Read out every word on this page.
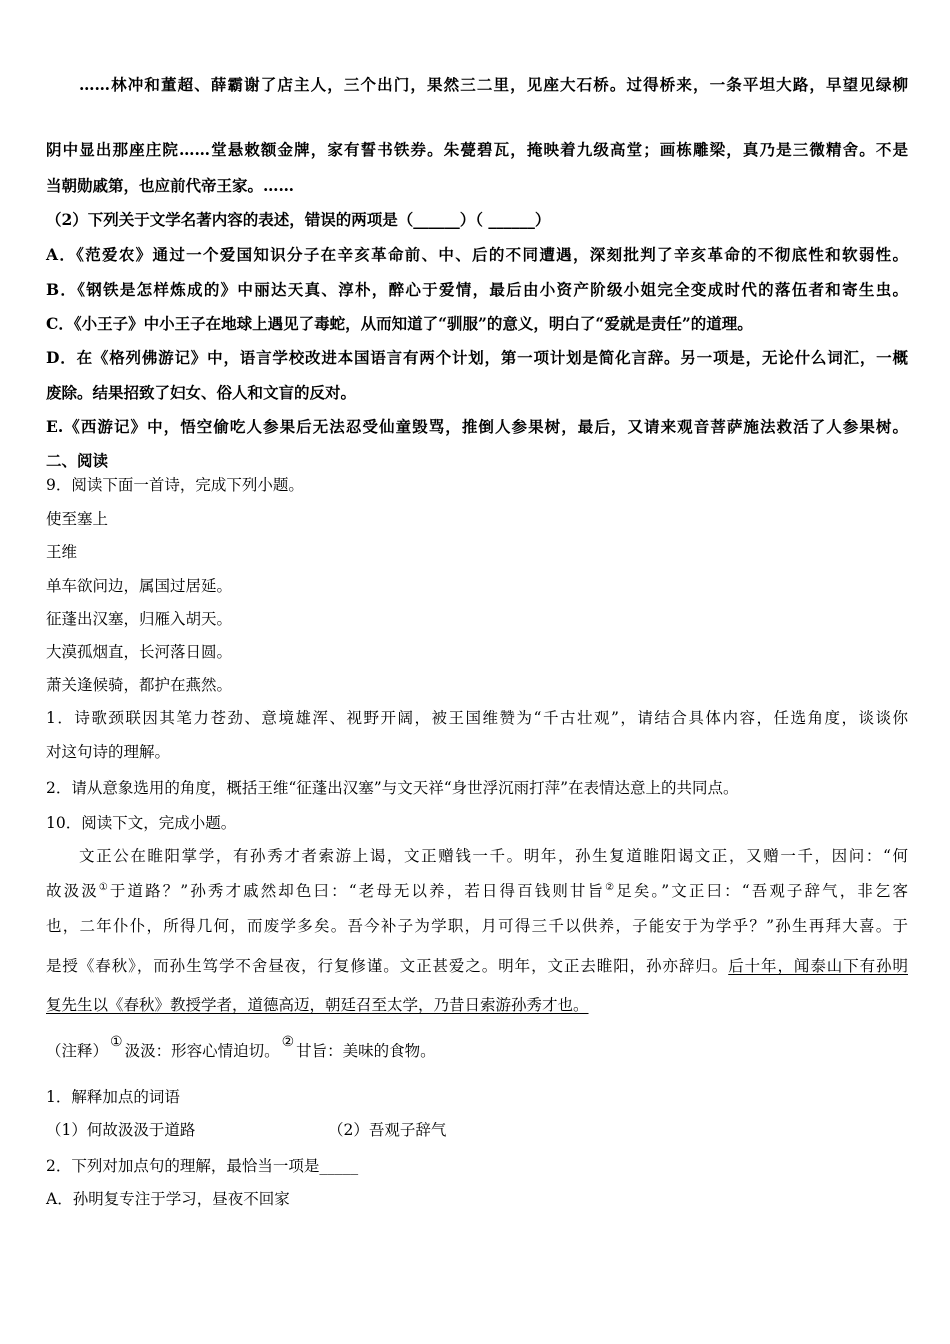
……林冲和董超、薛霸谢了店主人，三个出门，果然三二里，见座大石桥。过得桥来，一条平坦大路，早望见绿柳
阴中显出那座庄院……堂悬敕额金牌，家有誓书铁券。朱甍碧瓦，掩映着九级高堂；画栋雕梁，真乃是三微精舍。不是
当朝勋戚第，也应前代帝王家。……
（2）下列关于文学名著内容的表述，错误的两项是（______）（ ______）
A．《范爱农》通过一个爱国知识分子在辛亥革命前、中、后的不同遭遇，深刻批判了辛亥革命的不彻底性和软弱性。
B．《钢铁是怎样炼成的》中丽达天真、淳朴，醉心于爱情，最后由小资产阶级小姐完全变成时代的落伍者和寄生虫。
C．《小王子》中小王子在地球上遇见了毒蛇，从而知道了“驯服”的意义，明白了“爱就是责任”的道理。
D．在《格列佛游记》中，语言学校改进本国语言有两个计划，第一项计划是简化言辞。另一项是，无论什么词汇，一概
废除。结果招致了妇女、俗人和文盲的反对。
E.《西游记》中，悟空偷吃人参果后无法忍受仙童毁骂，推倒人参果树，最后，又请来观音菩萨施法救活了人参果树。
二、阅读
9．阅读下面一首诗，完成下列小题。
使至塞上
王维
单车欲问边，属国过居延。
征蓬出汉塞，归雁入胡天。
大漠孤烟直，长河落日圆。
萧关逢候骑，都护在燕然。
1．诗歌颈联因其笔力苍劲、意境雄浑、视野开阔，被王国维赞为“千古壮观”，请结合具体内容，任选角度，谈谈你
对这句诗的理解。
2．请从意象选用的角度，概括王维“征蓬出汉塞”与文天祥“身世浮沉雨打萍”在表情达意上的共同点。
10．阅读下文，完成小题。
文正公在睢阳掌学，有孙秀才者索游上谒，文正赠钱一千。明年，孙生复道睢阳谒文正，又赠一千，因问：“何
故汲汲①于道路？”孙秀才戚然却色曰：“老母无以养，若日得百钱则甘旨②足矣。”文正曰：“吾观子辞气，非乞客
也，二年仆仆，所得几何，而废学多矣。吾今补子为学职，月可得三千以供养，子能安于为学乎？”孙生再拜大喜。于
是授《春秋》，而孙生笃学不舍昼夜，行复修谨。文正甚爱之。明年，文正去睢阳，孙亦辞归。后十年，闻泰山下有孙明
复先生以《春秋》教授学者，道德高迈，朝廷召至太学，乃昔日索游孙秀才也。
（注释） ① 汲汲：形容心情迫切。 ② 甘旨：美味的食物。
1．解释加点的词语
（1）何故汲汲于道路	（2）吾观子辞气
2．下列对加点句的理解，最恰当一项是_____
A．孙明复专注于学习，昼夜不回家
